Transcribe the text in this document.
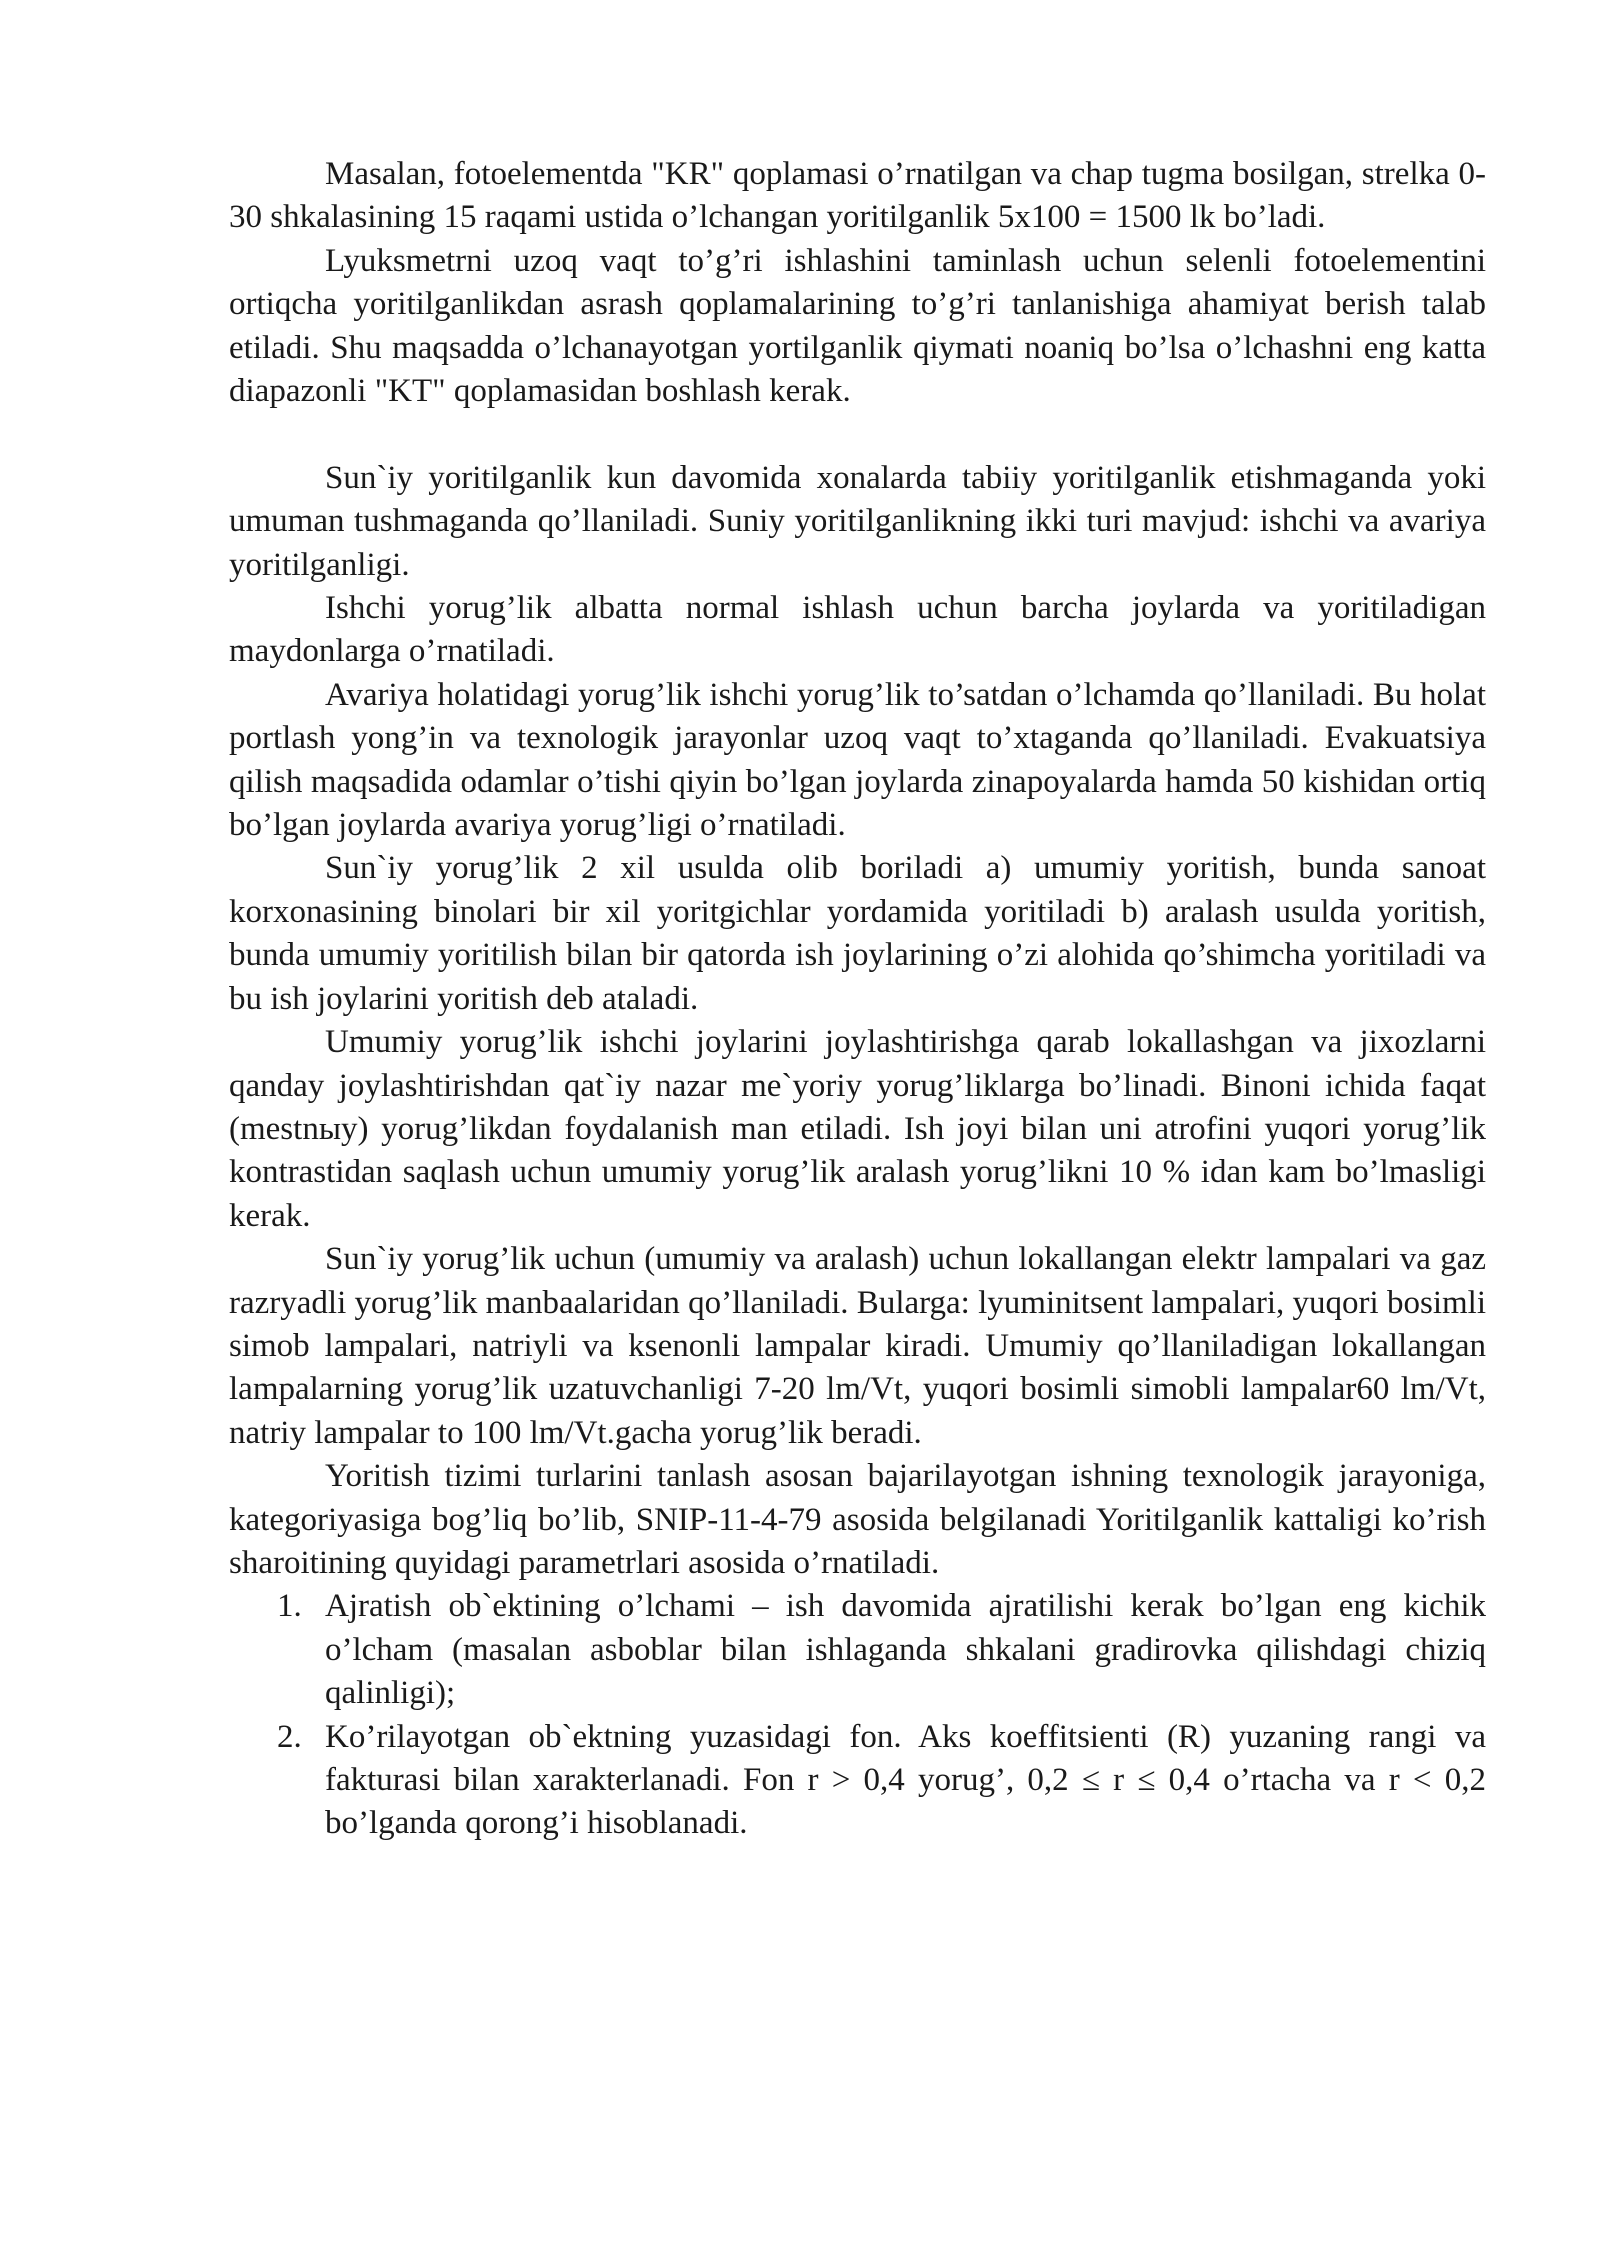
Masalan, fotoelementda "KR" qoplamasi o’rnatilgan va chap tugma bosilgan, strelka 0-30 shkalasining 15 raqami ustida o’lchangan yoritilganlik 5x100 = 1500 lk bo’ladi.

Lyuksmetrni uzoq vaqt to’g’ri ishlashini taminlash uchun selenli fotoelementini ortiqcha yoritilganlikdan asrash qoplamalarining to’g’ri tanlanishiga ahamiyat berish talab etiladi. Shu maqsadda o’lchanayotgan yortilganlik qiymati noaniq bo’lsa o’lchashni eng katta diapazonli "KT" qoplamasidan boshlash kerak.

Sun`iy yoritilganlik kun davomida xonalarda tabiiy yoritilganlik etishmaganda yoki umuman tushmaganda qo’llaniladi. Suniy yoritilganlikning ikki turi mavjud: ishchi va avariya yoritilganligi.

Ishchi yorug’lik albatta normal ishlash uchun barcha joylarda va yoritiladigan maydonlarga o’rnatiladi.

Avariya holatidagi yorug’lik ishchi yorug’lik to’satdan o’lchamda qo’llaniladi. Bu holat portlash yong’in va texnologik jarayonlar uzoq vaqt to’xtaganda qo’llaniladi. Evakuatsiya qilish maqsadida odamlar o’tishi qiyin bo’lgan joylarda zinapoyalarda hamda 50 kishidan ortiq bo’lgan joylarda avariya yorug’ligi o’rnatiladi.

Sun`iy yorug’lik 2 xil usulda olib boriladi a) umumiy yoritish, bunda sanoat korxonasining binolari bir xil yoritgichlar yordamida yoritiladi b) aralash usulda yoritish, bunda umumiy yoritilish bilan bir qatorda ish joylarining o’zi alohida qo’shimcha yoritiladi va bu ish joylarini yoritish deb ataladi.

Umumiy yorug’lik ishchi joylarini joylashtirishga qarab lokallashgan va jixozlarni qanday joylashtirishdan qat`iy nazar me`yoriy yorug’liklarga bo’linadi. Binoni ichida faqat (mestnыy) yorug’likdan foydalanish man etiladi. Ish joyi bilan uni atrofini yuqori yorug’lik kontrastidan saqlash uchun umumiy yorug’lik aralash yorug’likni 10 % idan kam bo’lmasligi kerak.

Sun`iy yorug’lik uchun (umumiy va aralash) uchun lokallangan elektr lampalari va gaz razryadli yorug’lik manbaalaridan qo’llaniladi. Bularga: lyuminitsent lampalari, yuqori bosimli simob lampalari, natriyli va ksenonli lampalar kiradi. Umumiy qo’llaniladigan lokallangan lampalarning yorug’lik uzatuvchanligi 7-20 lm/Vt, yuqori bosimli simobli lampalar60 lm/Vt, natriy lampalar to 100 lm/Vt.gacha yorug’lik beradi.

Yoritish tizimi turlarini tanlash asosan bajarilayotgan ishning texnologik jarayoniga, kategoriyasiga bog’liq bo’lib, SNIP-11-4-79 asosida belgilanadi Yoritilganlik kattaligi ko’rish sharoitining quyidagi parametrlari asosida o’rnatiladi.

1. Ajratish ob`ektining o’lchami – ish davomida ajratilishi kerak bo’lgan eng kichik o’lcham (masalan asboblar bilan ishlaganda shkalani gradirovka qilishdagi chiziq qalinligi);
2. Ko’rilayotgan ob`ektning yuzasidagi fon. Aks koeffitsienti (R) yuzaning rangi va fakturasi bilan xarakterlanadi. Fon r > 0,4 yorug’, 0,2 ≤ r ≤ 0,4 o’rtacha va r < 0,2 bo’lganda qorong’i hisoblanadi.
